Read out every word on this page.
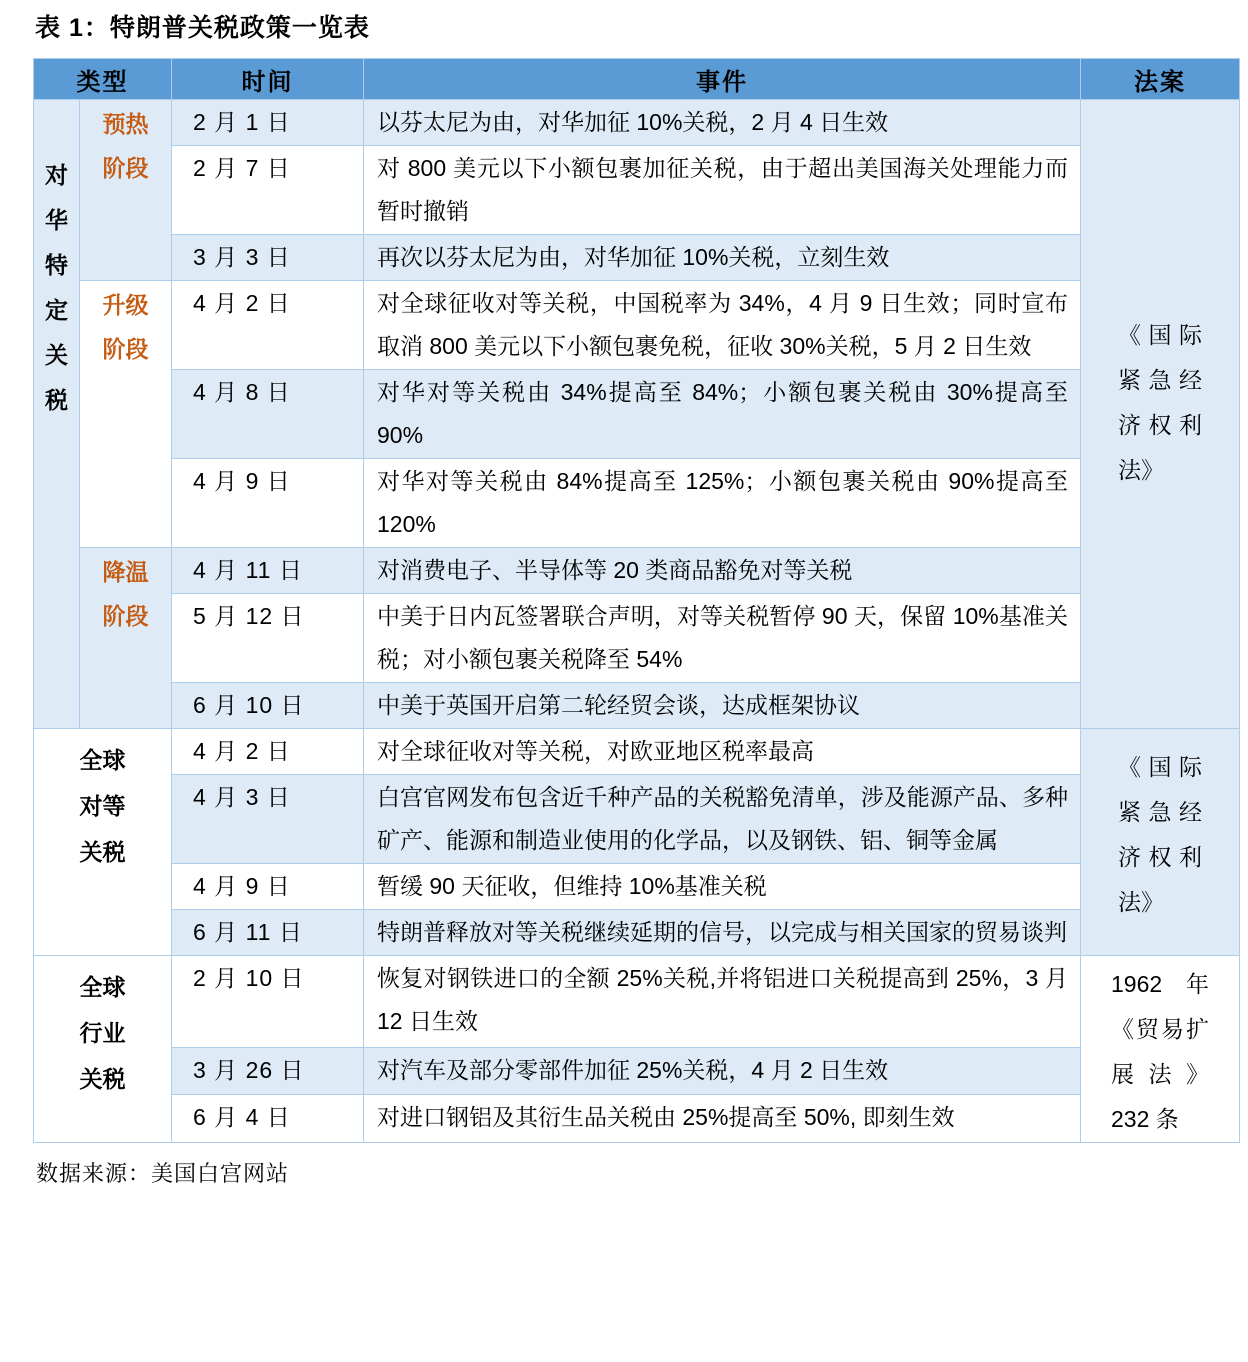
表 1：特朗普关税政策一览表
类型		时间	事件	法案

对华特定关税	预热阶段	2 月 1 日	以芬太尼为由，对华加征 10%关税，2 月 4 日生效	《国际紧急经济权利法》

		2 月 7 日	对 800 美元以下小额包裹加征关税，由于超出美国海关处理能力而暂时撤销	
		3 月 3 日	再次以芬太尼为由，对华加征 10%关税，立刻生效	

	升级阶段	4 月 2 日	对全球征收对等关税，中国税率为 34%，4 月 9 日生效；同时宣布取消 800 美元以下小额包裹免税，征收 30%关税，5 月 2 日生效	
		4 月 8 日	对华对等关税由 34%提高至 84%；小额包裹关税由 30%提高至 90%	
		4 月 9 日	对华对等关税由 84%提高至 125%；小额包裹关税由 90%提高至 120%	

	降温阶段	4 月 11 日	对消费电子、半导体等 20 类商品豁免对等关税	
		5 月 12 日	中美于日内瓦签署联合声明，对等关税暂停 90 天，保留 10%基准关税；对小额包裹关税降至 54%	
		6 月 10 日	中美于英国开启第二轮经贸会谈，达成框架协议	

全球对等关税		4 月 2 日	对全球征收对等关税，对欧亚地区税率最高	《国际紧急经济权利法》

		4 月 3 日	白宫官网发布包含近千种产品的关税豁免清单，涉及能源产品、多种矿产、能源和制造业使用的化学品，以及钢铁、铝、铜等金属	
		4 月 9 日	暂缓 90 天征收，但维持 10%基准关税	
		6 月 11 日	特朗普释放对等关税继续延期的信号，以完成与相关国家的贸易谈判	

全球行业关税		2 月 10 日	恢复对钢铁进口的全额 25%关税,并将铝进口关税提高到 25%，3 月 12 日生效	1962 年《贸易扩展法》232 条

		3 月 26 日	对汽车及部分零部件加征 25%关税，4 月 2 日生效	
		6 月 4 日	对进口钢铝及其衍生品关税由 25%提高至 50%, 即刻生效	
数据来源：美国白宫网站
